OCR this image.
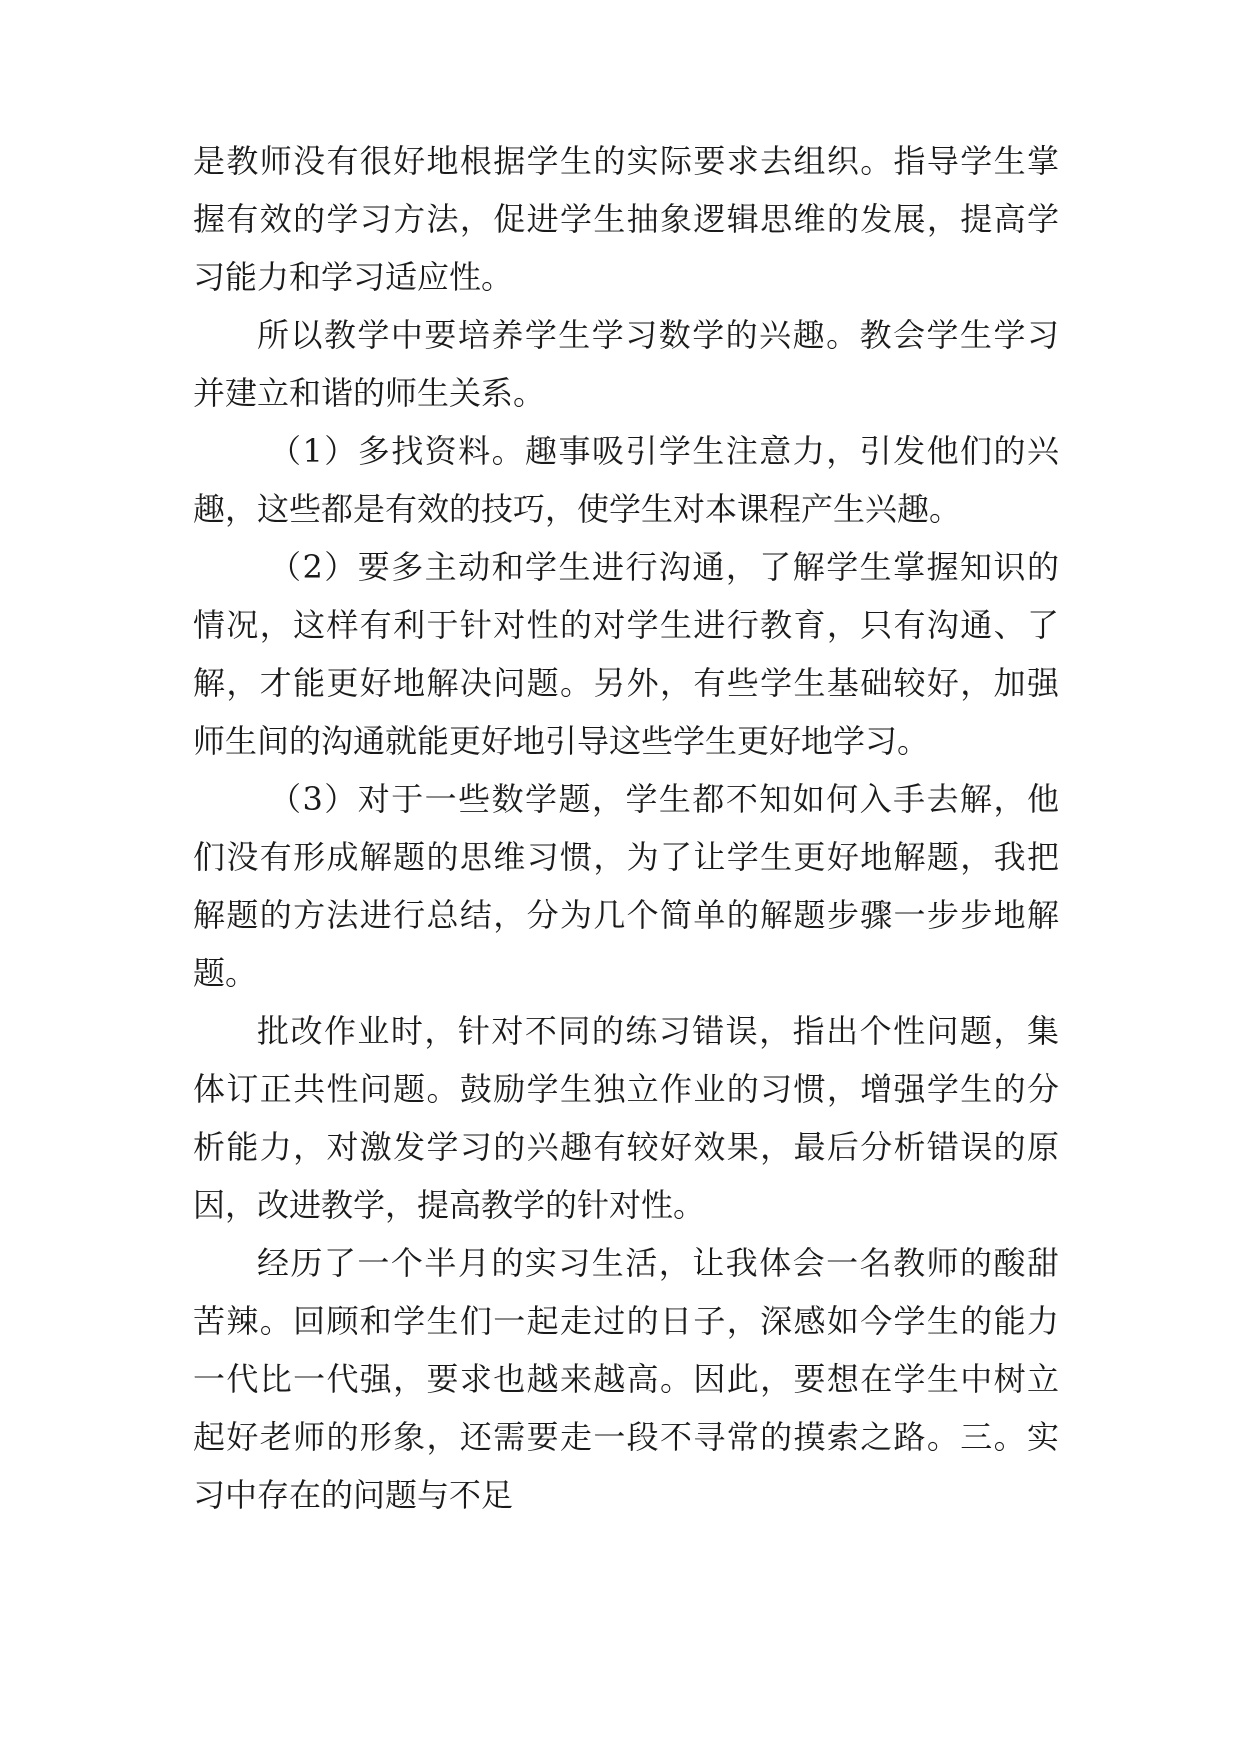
是教师没有很好地根据学生的实际要求去组织。指导学生掌
握有效的学习方法，促进学生抽象逻辑思维的发展，提高学
习能力和学习适应性。
所以教学中要培养学生学习数学的兴趣。教会学生学习
并建立和谐的师生关系。
（1）多找资料。趣事吸引学生注意力，引发他们的兴
趣，这些都是有效的技巧，使学生对本课程产生兴趣。
（2）要多主动和学生进行沟通，了解学生掌握知识的
情况，这样有利于针对性的对学生进行教育，只有沟通、了
解，才能更好地解决问题。另外，有些学生基础较好，加强
师生间的沟通就能更好地引导这些学生更好地学习。
（3）对于一些数学题，学生都不知如何入手去解，他
们没有形成解题的思维习惯，为了让学生更好地解题，我把
解题的方法进行总结，分为几个简单的解题步骤一步步地解
题。
批改作业时，针对不同的练习错误，指出个性问题，集
体订正共性问题。鼓励学生独立作业的习惯，增强学生的分
析能力，对激发学习的兴趣有较好效果，最后分析错误的原
因，改进教学，提高教学的针对性。
经历了一个半月的实习生活，让我体会一名教师的酸甜
苦辣。回顾和学生们一起走过的日子，深感如今学生的能力
一代比一代强，要求也越来越高。因此，要想在学生中树立
起好老师的形象，还需要走一段不寻常的摸索之路。三。实
习中存在的问题与不足
